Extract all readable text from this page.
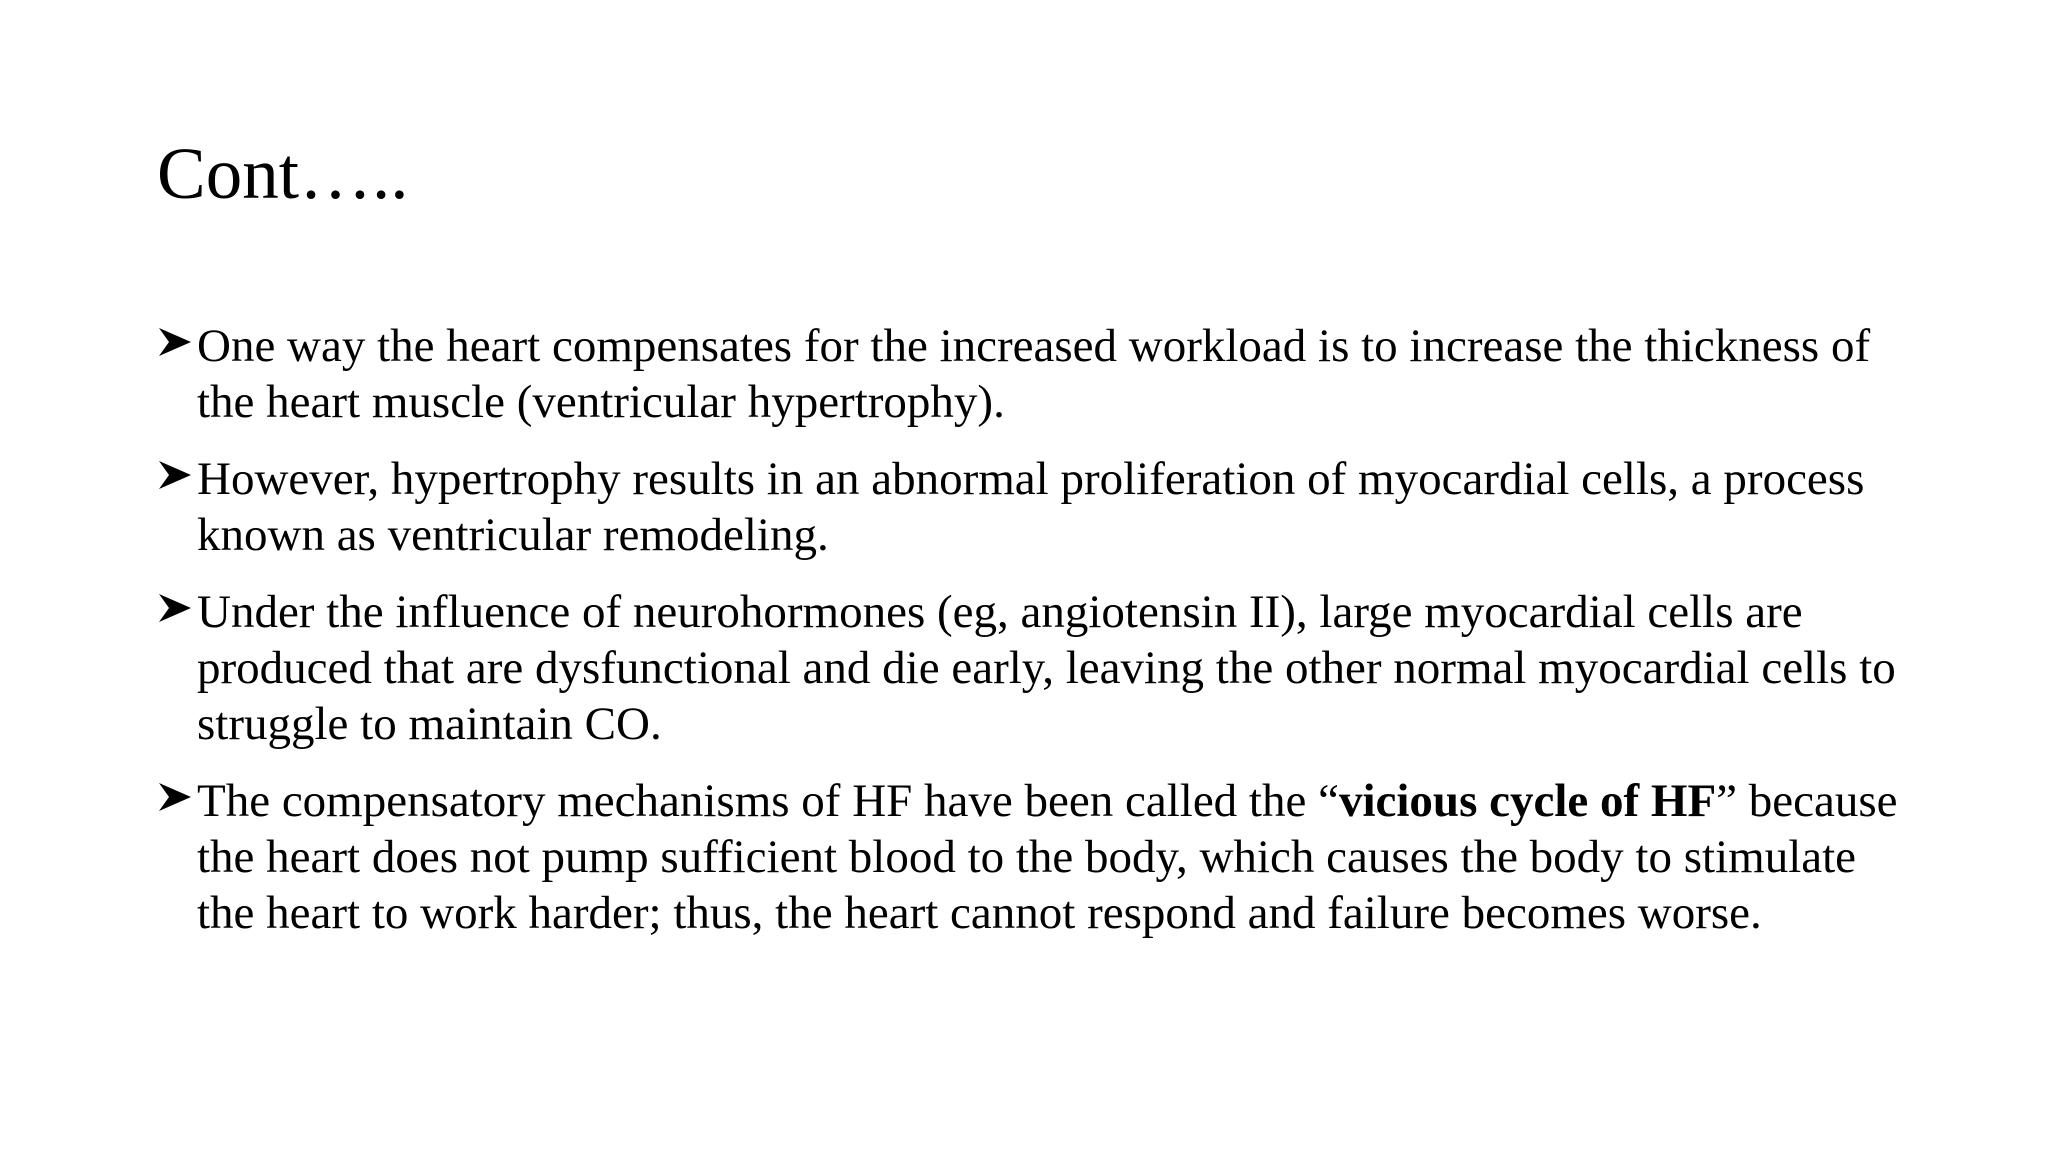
Cont…..
One way the heart compensates for the increased workload is to increase the thickness of the heart muscle (ventricular hypertrophy).
However, hypertrophy results in an abnormal proliferation of myocardial cells, a process known as ventricular remodeling.
Under the influence of neurohormones (eg, angiotensin II), large myocardial cells are produced that are dysfunctional and die early, leaving the other normal myocardial cells to struggle to maintain CO.
The compensatory mechanisms of HF have been called the “vicious cycle of HF” because the heart does not pump sufficient blood to the body, which causes the body to stimulate the heart to work harder; thus, the heart cannot respond and failure becomes worse.
